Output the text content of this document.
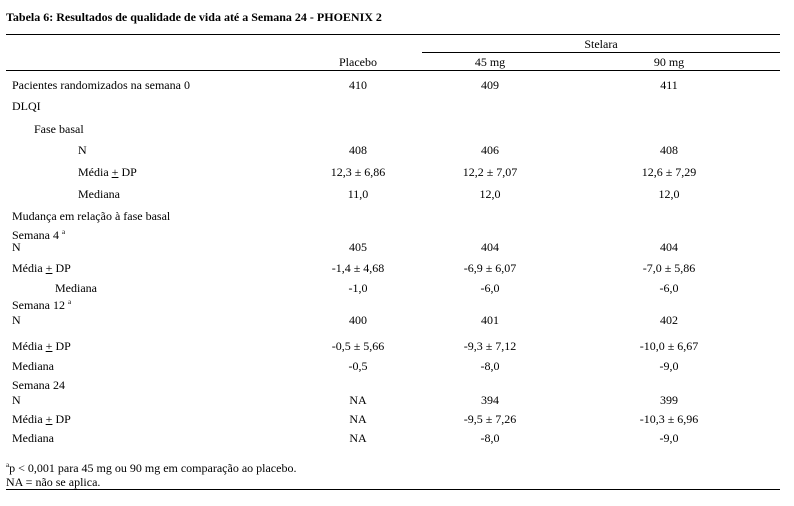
Tabela 6: Resultados de qualidade de vida até a Semana 24 - PHOENIX 2
Stelara
Placebo	45 mg	90 mg
Pacientes randomizados na semana 0	410	409	411
DLQI
Fase basal
N	408	406	408
Média + DP	12,3 ± 6,86	12,2 ± 7,07	12,6 ± 7,29
Mediana	11,0	12,0	12,0
Mudança em relação à fase basal
Semana 4 $^a$
N	405	404	404
Média + DP	-1,4 ± 4,68	-6,9 ± 6,07	-7,0 ± 5,86
Mediana	-1,0	-6,0	-6,0
Semana 12 $^a$
N	400	401	402
Média + DP	-0,5 ± 5,66	-9,3 ± 7,12	-10,0 ± 6,67
Mediana	-0,5	-8,0	-9,0
Semana 24
N	NA	394	399
Média + DP	NA	-9,5 ± 7,26	-10,3 ± 6,96
Mediana	NA	-8,0	-9,0
$^a$p < 0,001 para 45 mg ou 90 mg em comparação ao placebo.
NA = não se aplica.
